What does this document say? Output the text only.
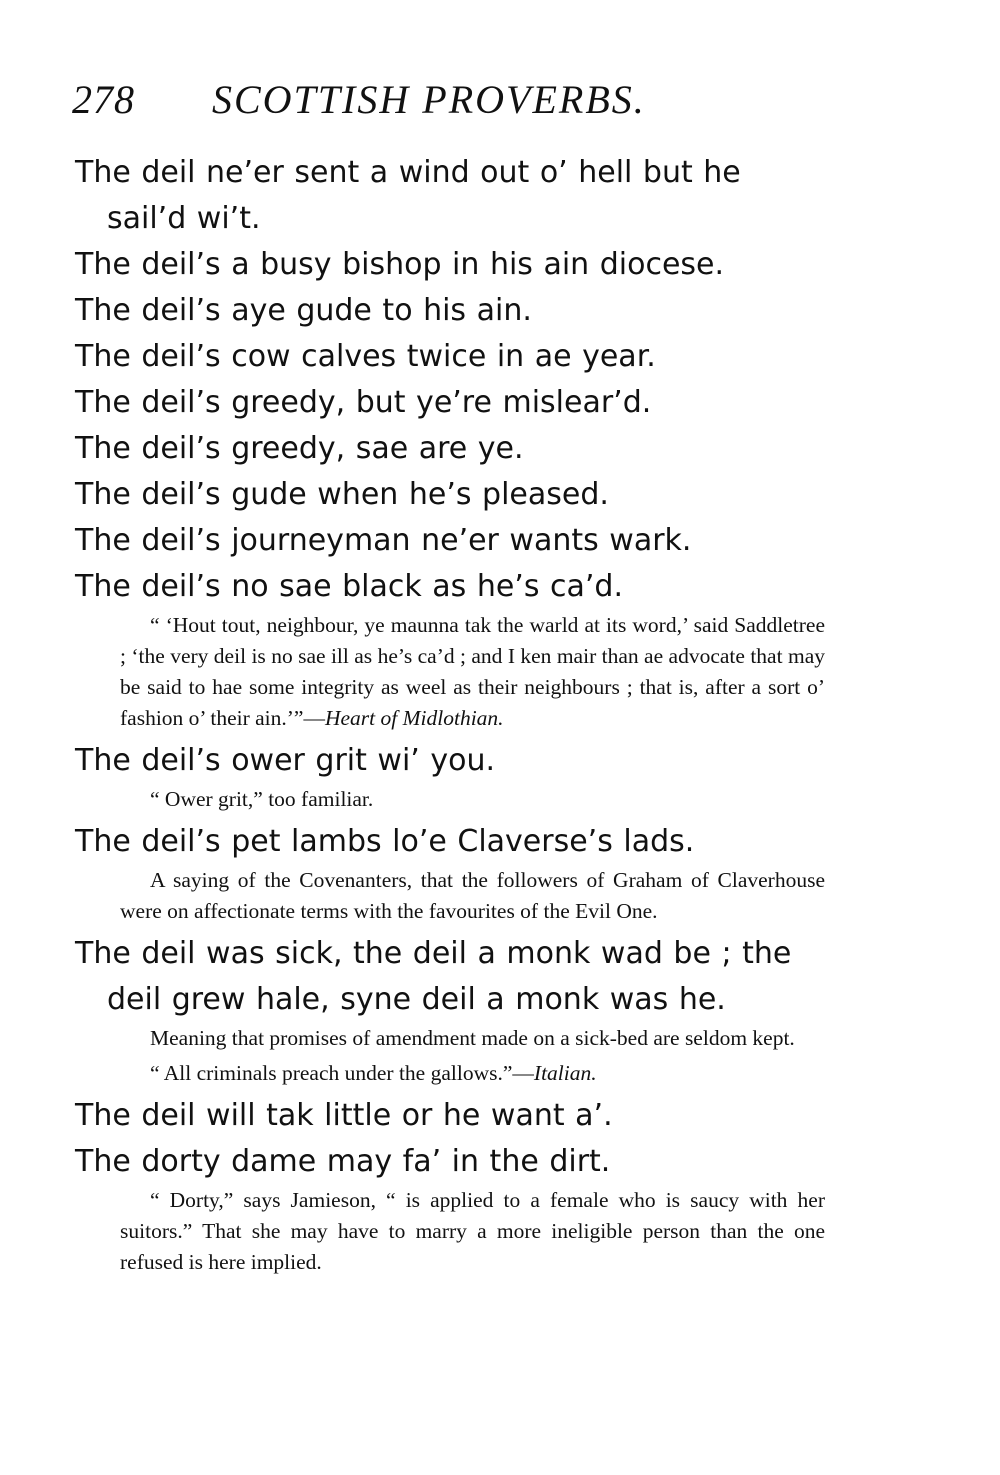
278 SCOTTISH PROVERBS.
The deil ne’er sent a wind out o’ hell but he sail’d wi’t.
The deil’s a busy bishop in his ain diocese.
The deil’s aye gude to his ain.
The deil’s cow calves twice in ae year.
The deil’s greedy, but ye’re mislear’d.
The deil’s greedy, sae are ye.
The deil’s gude when he’s pleased.
The deil’s journeyman ne’er wants wark.
The deil’s no sae black as he’s ca’d.
“ ‘Hout tout, neighbour, ye maunna tak the warld at its word,’ said Saddletree ; ‘the very deil is no sae ill as he’s ca’d ; and I ken mair than ae advocate that may be said to hae some integrity as weel as their neighbours ; that is, after a sort o’ fashion o’ their ain.’”—Heart of Midlothian.
The deil’s ower grit wi’ you.
“ Ower grit,” too familiar.
The deil’s pet lambs lo’e Claverse’s lads.
A saying of the Covenanters, that the followers of Graham of Claverhouse were on affectionate terms with the favourites of the Evil One.
The deil was sick, the deil a monk wad be ; the deil grew hale, syne deil a monk was he.
Meaning that promises of amendment made on a sick-bed are seldom kept.
“ All criminals preach under the gallows.”—Italian.
The deil will tak little or he want a’.
The dorty dame may fa’ in the dirt.
“ Dorty,” says Jamieson, “ is applied to a female who is saucy with her suitors.” That she may have to marry a more ineligible person than the one refused is here implied.
